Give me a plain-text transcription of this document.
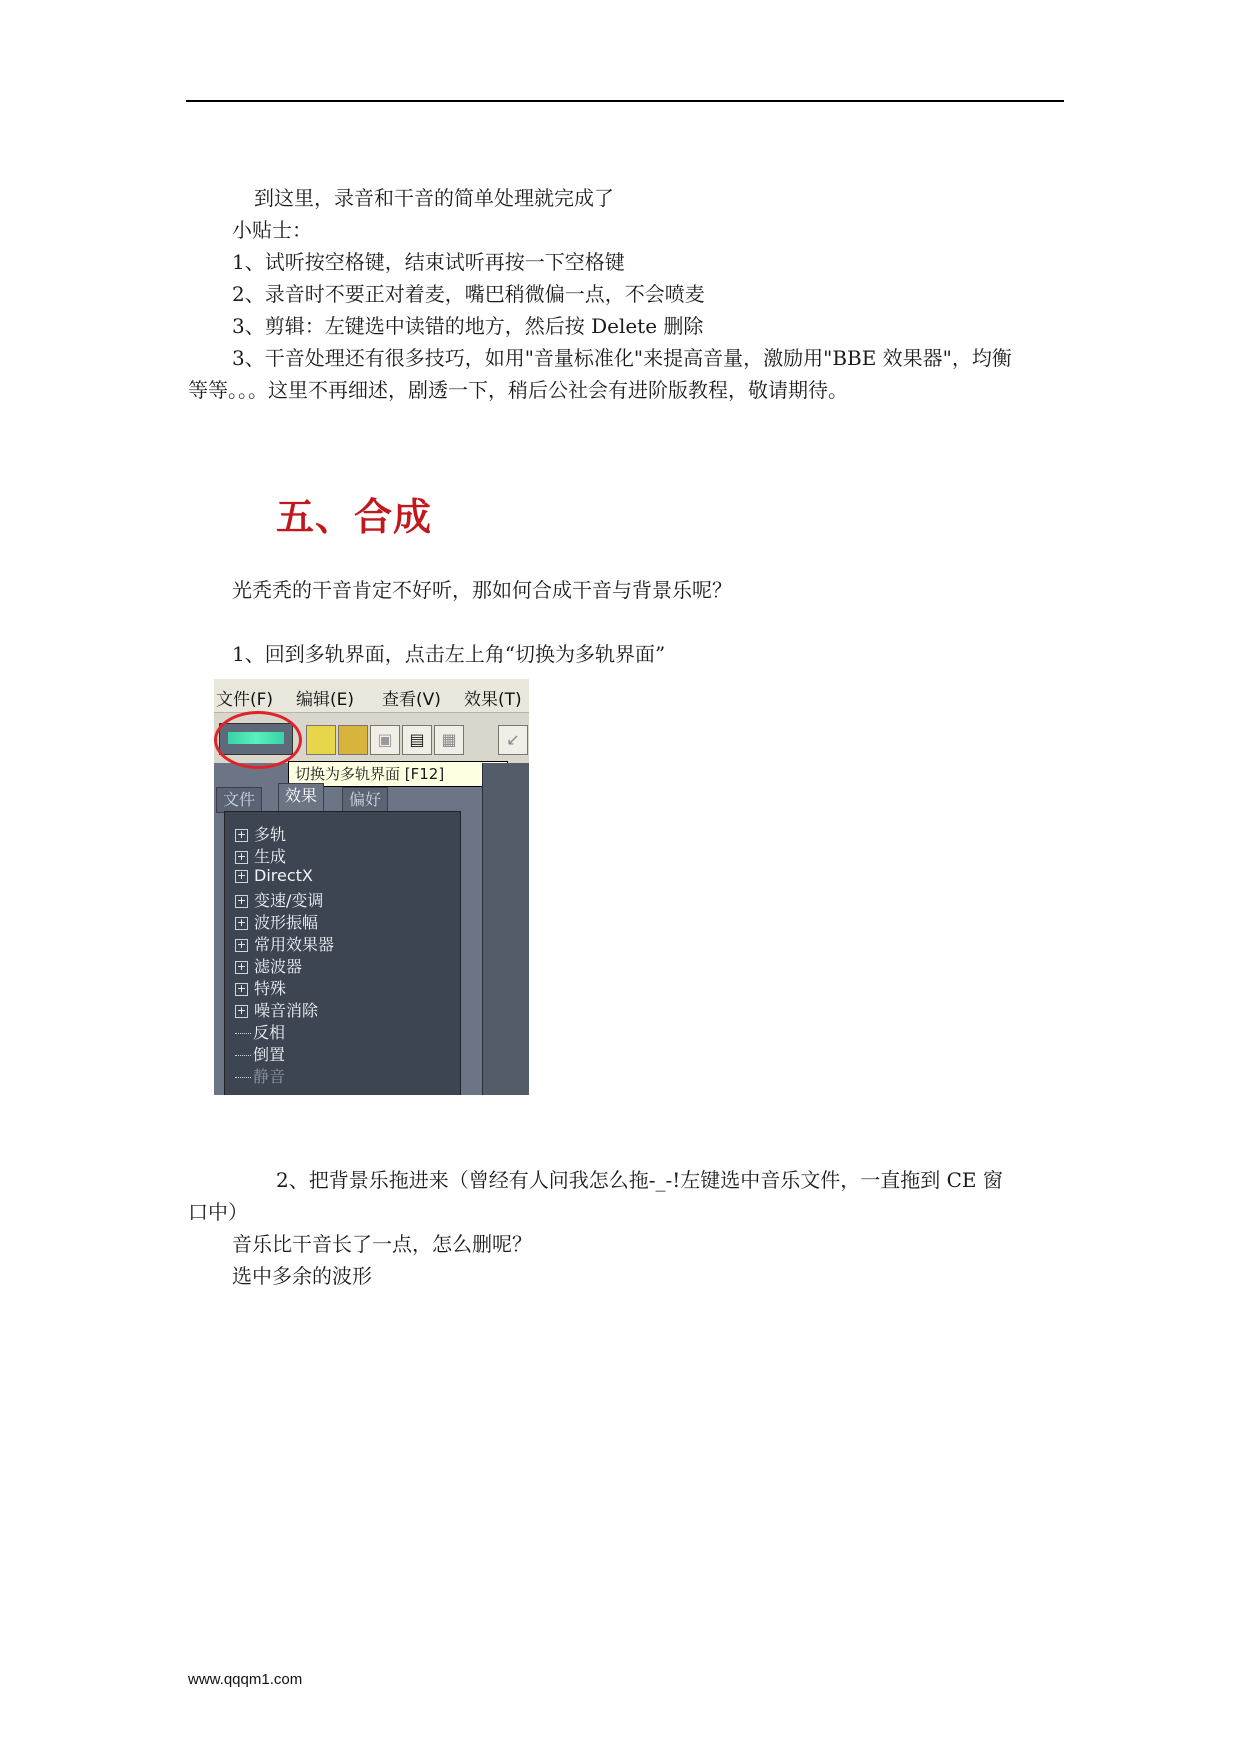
到这里，录音和干音的简单处理就完成了
小贴士：
1、试听按空格键，结束试听再按一下空格键
2、录音时不要正对着麦，嘴巴稍微偏一点，不会喷麦
3、剪辑：左键选中读错的地方，然后按 Delete 删除
3、干音处理还有很多技巧，如用"音量标准化"来提高音量，激励用"BBE 效果器"，均衡
等等。。。这里不再细述，剧透一下，稍后公社会有进阶版教程，敬请期待。
五、合成
光秃秃的干音肯定不好听，那如何合成干音与背景乐呢？
1、回到多轨界面，点击左上角“切换为多轨界面”
文件(F) 编辑(E) 查看(V) 效果(T)
▣	▤	▦	↙
切换为多轨界面 [F12]
文件	效果	偏好
+ 多轨
+ 生成
+ DirectX
+ 变速/变调
+ 波形振幅
+ 常用效果器
+ 滤波器
+ 特殊
+ 噪音消除
反相
倒置
静音
2、把背景乐拖进来（曾经有人问我怎么拖-_-!左键选中音乐文件，一直拖到 CE 窗
口中）
音乐比干音长了一点，怎么删呢？
选中多余的波形
www.qqqm1.com
